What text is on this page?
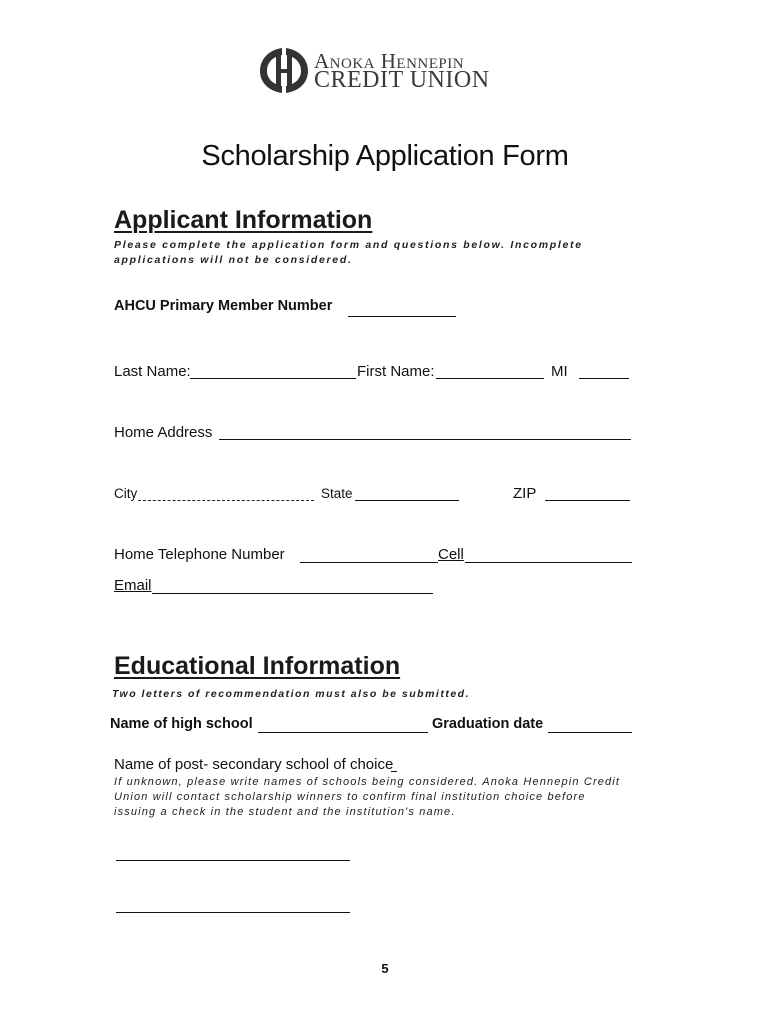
Anoka Hennepin
CREDIT UNION
Scholarship Application Form
Applicant Information
Please complete the application form and questions below. Incomplete applications will not be considered.
AHCU Primary Member Number
Last Name:	First Name:	MI
Home Address
City	State	ZIP
Home Telephone Number	Cell
Email
Educational Information
Two letters of recommendation must also be submitted.
Name of high school	Graduation date
Name of post- secondary school of choice
If unknown, please write names of schools being considered. Anoka Hennepin Credit Union will contact scholarship winners to confirm final institution choice before issuing a check in the student and the institution's name.
5
